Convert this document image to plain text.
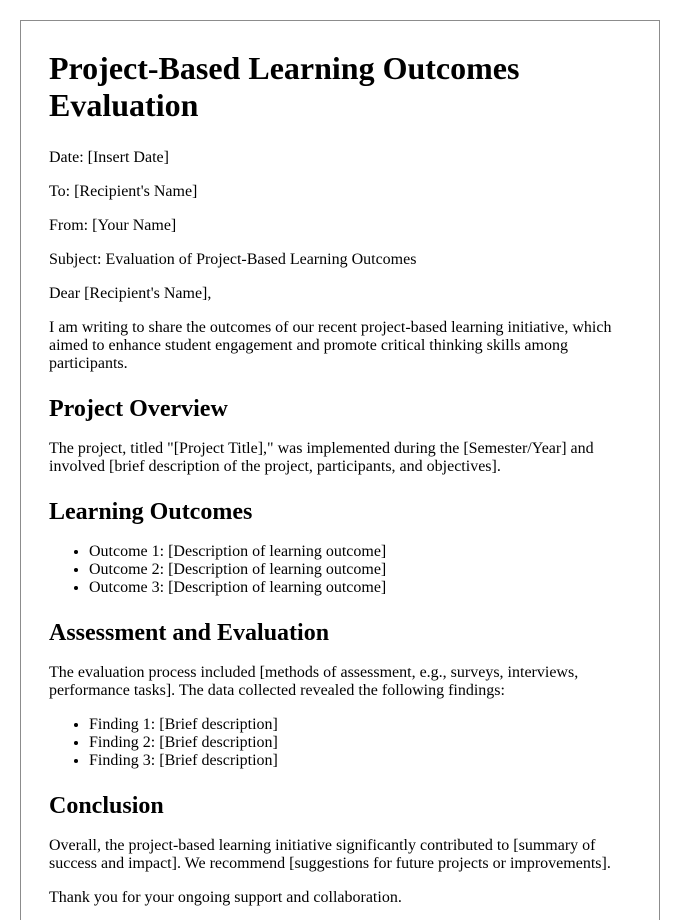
Project-Based Learning Outcomes Evaluation

Date: [Insert Date]

To: [Recipient's Name]

From: [Your Name]

Subject: Evaluation of Project-Based Learning Outcomes

Dear [Recipient's Name],

I am writing to share the outcomes of our recent project-based learning initiative, which aimed to enhance student engagement and promote critical thinking skills among participants.

Project Overview

The project, titled "[Project Title]," was implemented during the [Semester/Year] and involved [brief description of the project, participants, and objectives].

Learning Outcomes
• Outcome 1: [Description of learning outcome]
• Outcome 2: [Description of learning outcome]
• Outcome 3: [Description of learning outcome]
Assessment and Evaluation

The evaluation process included [methods of assessment, e.g., surveys, interviews, performance tasks]. The data collected revealed the following findings:

• Finding 1: [Brief description]
• Finding 2: [Brief description]
• Finding 3: [Brief description]
Conclusion

Overall, the project-based learning initiative significantly contributed to [summary of success and impact]. We recommend [suggestions for future projects or improvements].

Thank you for your ongoing support and collaboration.
